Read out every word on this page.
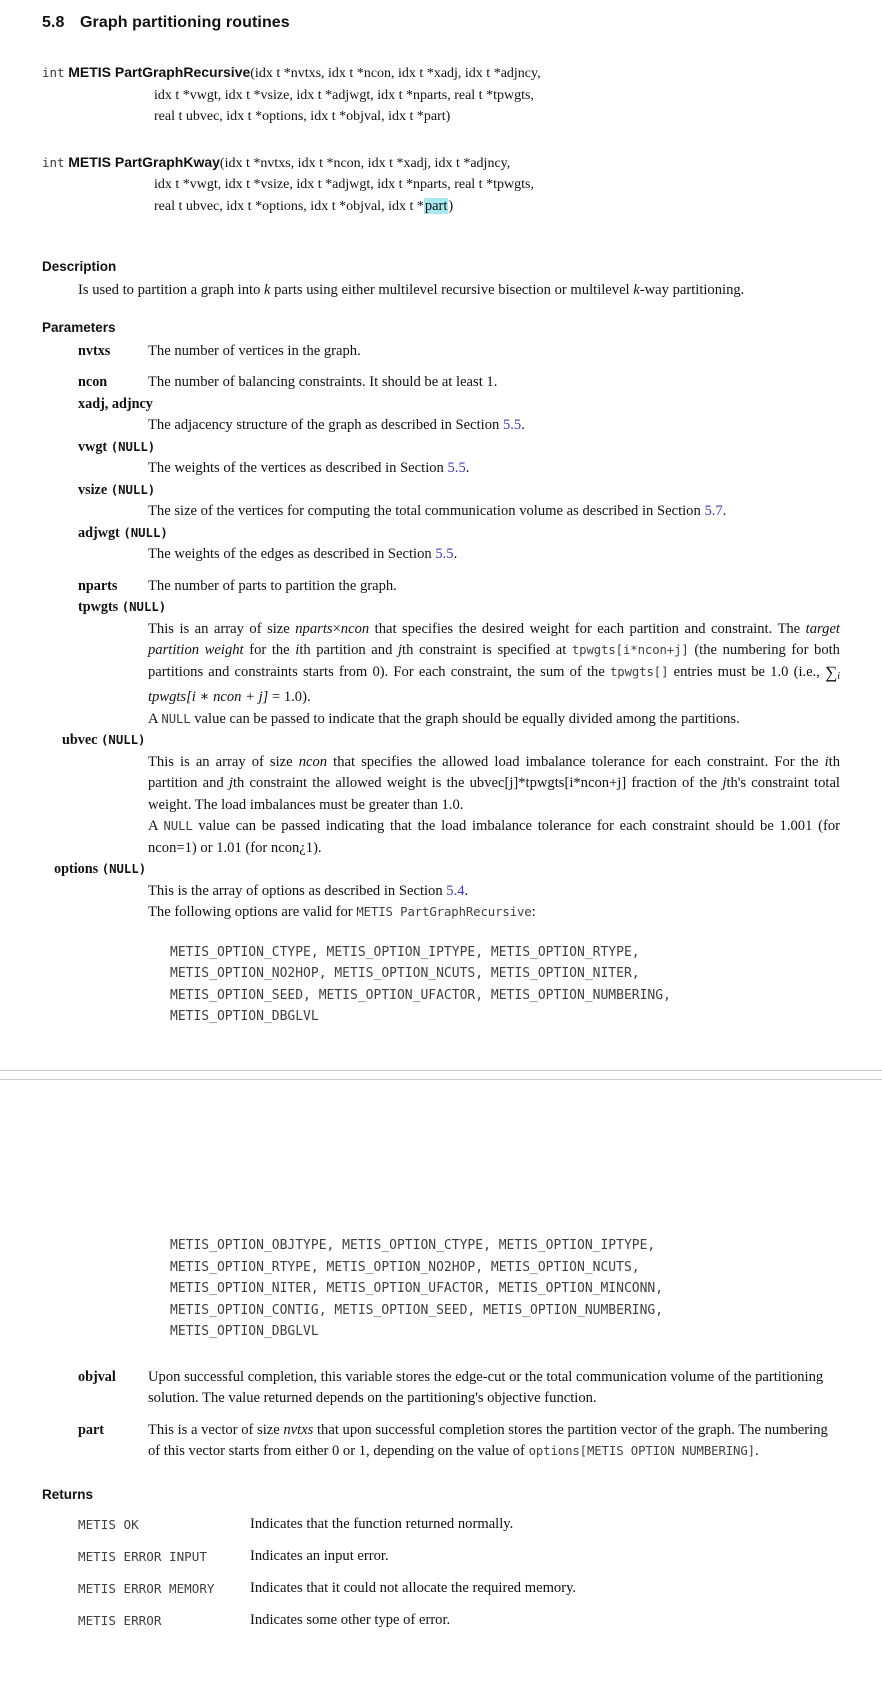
5.8 Graph partitioning routines
int METIS PartGraphRecursive(idx t *nvtxs, idx t *ncon, idx t *xadj, idx t *adjncy,
idx t *vwgt, idx t *vsize, idx t *adjwgt, idx t *nparts, real t *tpwgts,
real t ubvec, idx t *options, idx t *objval, idx t *part)
int METIS PartGraphKway(idx t *nvtxs, idx t *ncon, idx t *xadj, idx t *adjncy,
idx t *vwgt, idx t *vsize, idx t *adjwgt, idx t *nparts, real t *tpwgts,
real t ubvec, idx t *options, idx t *objval, idx t *part)
Description
Is used to partition a graph into k parts using either multilevel recursive bisection or multilevel k-way partitioning.
Parameters
nvtxs	The number of vertices in the graph.
ncon	The number of balancing constraints. It should be at least 1.
xadj, adjncy
The adjacency structure of the graph as described in Section 5.5.
vwgt (NULL)
The weights of the vertices as described in Section 5.5.
vsize (NULL)
The size of the vertices for computing the total communication volume as described in Section 5.7.
adjwgt (NULL)
The weights of the edges as described in Section 5.5.
nparts	The number of parts to partition the graph.
tpwgts (NULL)
This is an array of size nparts×ncon that specifies the desired weight for each partition and constraint. The target partition weight for the ith partition and jth constraint is specified at tpwgts[i*ncon+j] (the numbering for both partitions and constraints starts from 0). For each constraint, the sum of the tpwgts[] entries must be 1.0 (i.e., $\sum_i$ tpwgts[i ∗ ncon + j] = 1.0).
A NULL value can be passed to indicate that the graph should be equally divided among the partitions.
ubvec (NULL)
This is an array of size ncon that specifies the allowed load imbalance tolerance for each constraint. For the ith partition and jth constraint the allowed weight is the ubvec[j]*tpwgts[i*ncon+j] fraction of the jth's constraint total weight. The load imbalances must be greater than 1.0.
A NULL value can be passed indicating that the load imbalance tolerance for each constraint should be 1.001 (for ncon=1) or 1.01 (for ncon¿1).
options (NULL)
This is the array of options as described in Section 5.4.
The following options are valid for METIS PartGraphRecursive:
METIS_OPTION_CTYPE, METIS_OPTION_IPTYPE, METIS_OPTION_RTYPE,
METIS_OPTION_NO2HOP, METIS_OPTION_NCUTS, METIS_OPTION_NITER,
METIS_OPTION_SEED, METIS_OPTION_UFACTOR, METIS_OPTION_NUMBERING,
METIS_OPTION_DBGLVL
METIS_OPTION_OBJTYPE, METIS_OPTION_CTYPE, METIS_OPTION_IPTYPE,
METIS_OPTION_RTYPE, METIS_OPTION_NO2HOP, METIS_OPTION_NCUTS,
METIS_OPTION_NITER, METIS_OPTION_UFACTOR, METIS_OPTION_MINCONN,
METIS_OPTION_CONTIG, METIS_OPTION_SEED, METIS_OPTION_NUMBERING,
METIS_OPTION_DBGLVL
objval	Upon successful completion, this variable stores the edge-cut or the total communication volume of the partitioning solution. The value returned depends on the partitioning's objective function.
part	This is a vector of size nvtxs that upon successful completion stores the partition vector of the graph. The numbering of this vector starts from either 0 or 1, depending on the value of options[METIS OPTION NUMBERING].
Returns
METIS OK	Indicates that the function returned normally.
METIS ERROR INPUT	Indicates an input error.
METIS ERROR MEMORY	Indicates that it could not allocate the required memory.
METIS ERROR	Indicates some other type of error.
